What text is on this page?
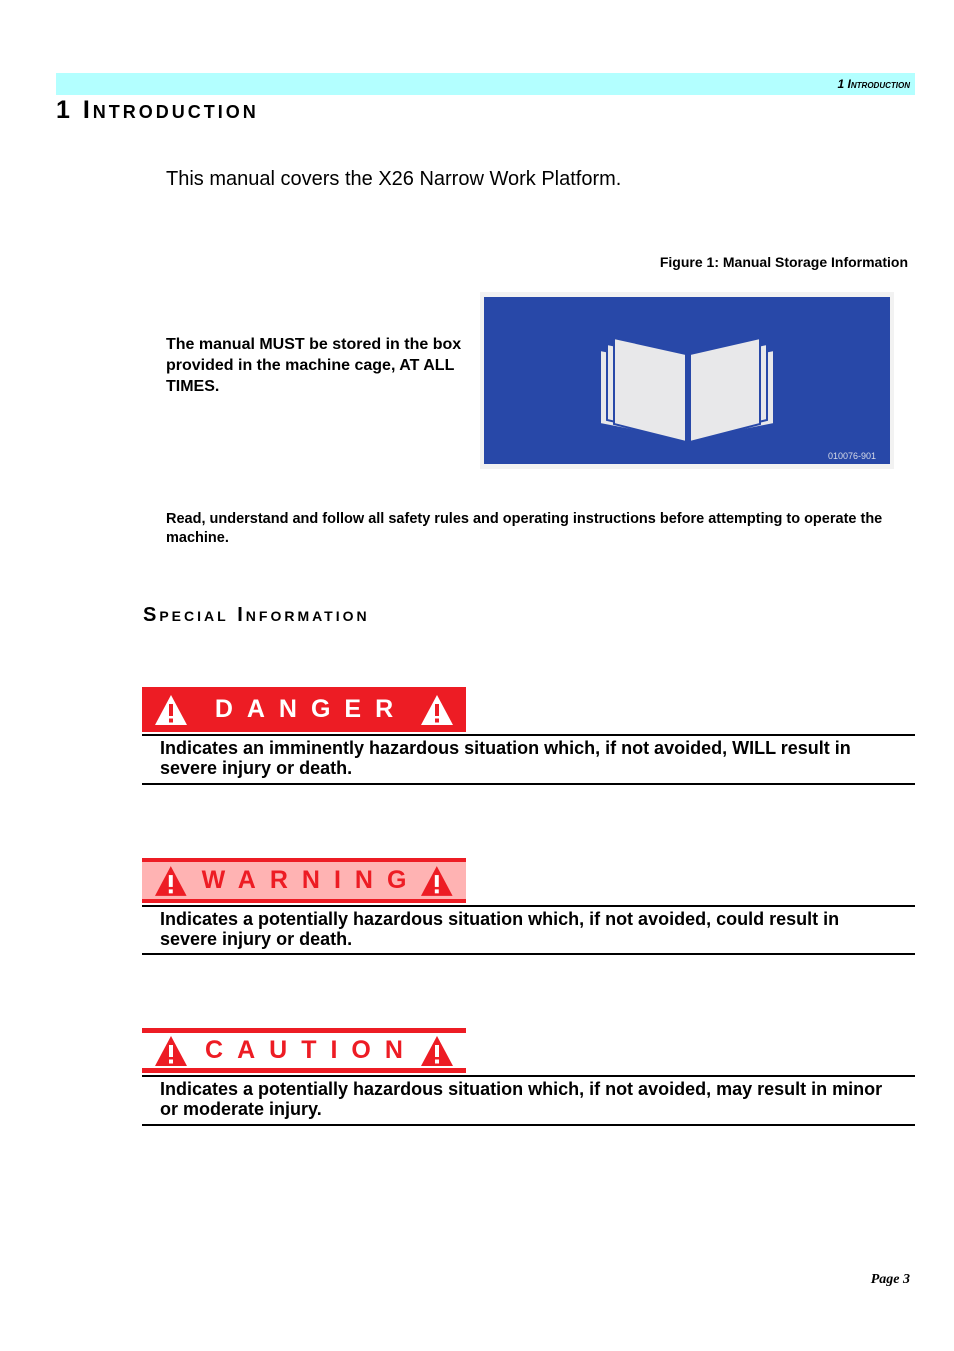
1 Introduction
1 Introduction

This manual covers the X26 Narrow Work Platform.

Figure 1: Manual Storage Information

The manual MUST be stored in the box provided in the machine cage, AT ALL TIMES.

010076-901

Read, understand and follow all safety rules and operating instructions before attempting to operate the machine.

Special Information
DANGER

Indicates an imminently hazardous situation which, if not avoided, WILL result in severe injury or death.

WARNING

Indicates a potentially hazardous situation which, if not avoided, could result in severe injury or death.

CAUTION

Indicates a potentially hazardous situation which, if not avoided, may result in minor or moderate injury.

Page 3
